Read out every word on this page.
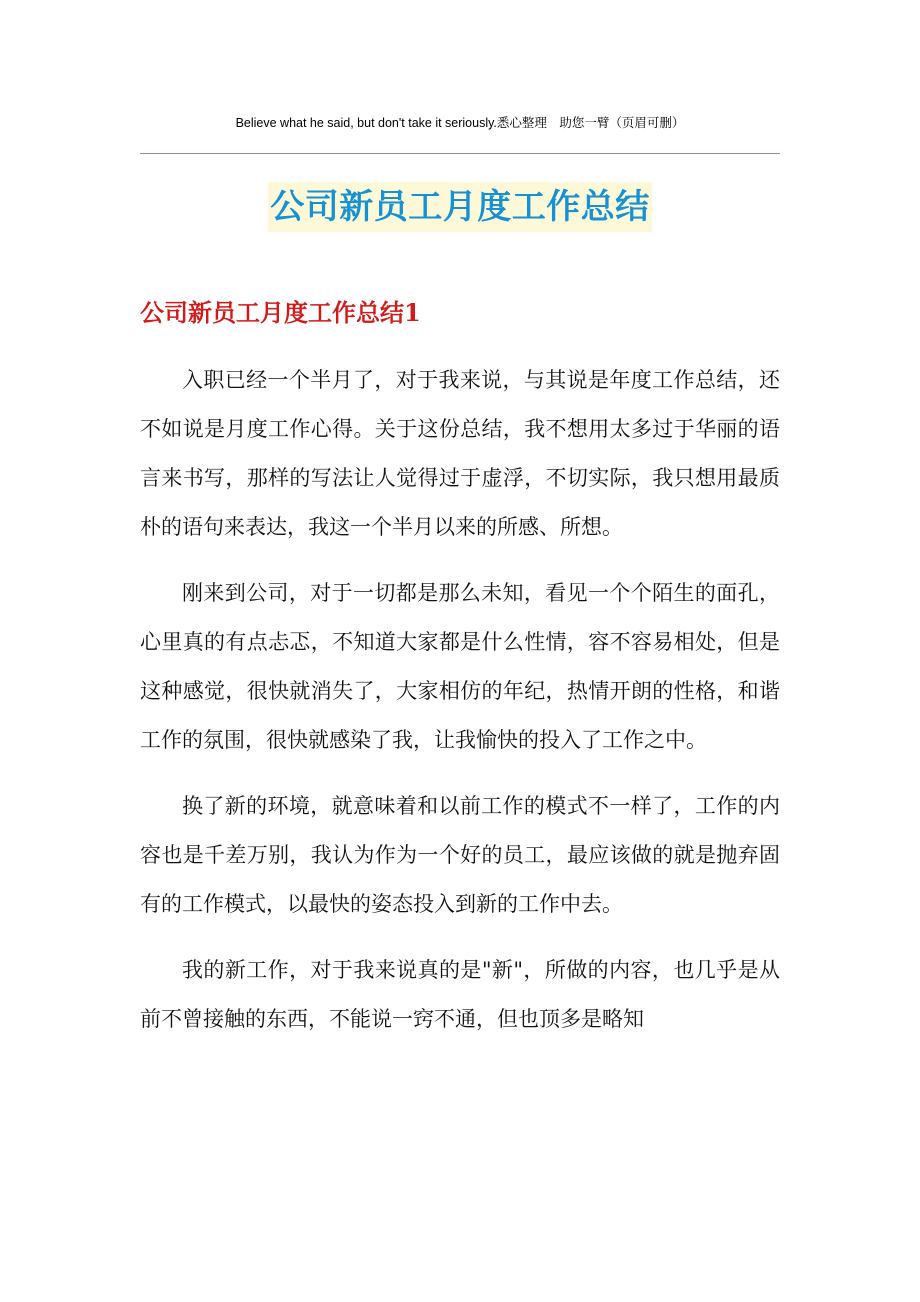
Believe what he said, but don't take it seriously.悉心整理　助您一臂（页眉可删）
公司新员工月度工作总结
公司新员工月度工作总结1

入职已经一个半月了，对于我来说，与其说是年度工作总结，还不如说是月度工作心得。关于这份总结，我不想用太多过于华丽的语言来书写，那样的写法让人觉得过于虚浮，不切实际，我只想用最质朴的语句来表达，我这一个半月以来的所感、所想。

刚来到公司，对于一切都是那么未知，看见一个个陌生的面孔，心里真的有点忐忑，不知道大家都是什么性情，容不容易相处，但是这种感觉，很快就消失了，大家相仿的年纪，热情开朗的性格，和谐工作的氛围，很快就感染了我，让我愉快的投入了工作之中。

换了新的环境，就意味着和以前工作的模式不一样了，工作的内容也是千差万别，我认为作为一个好的员工，最应该做的就是抛弃固有的工作模式，以最快的姿态投入到新的工作中去。

我的新工作，对于我来说真的是"新"，所做的内容，也几乎是从前不曾接触的东西，不能说一窍不通，但也顶多是略知
